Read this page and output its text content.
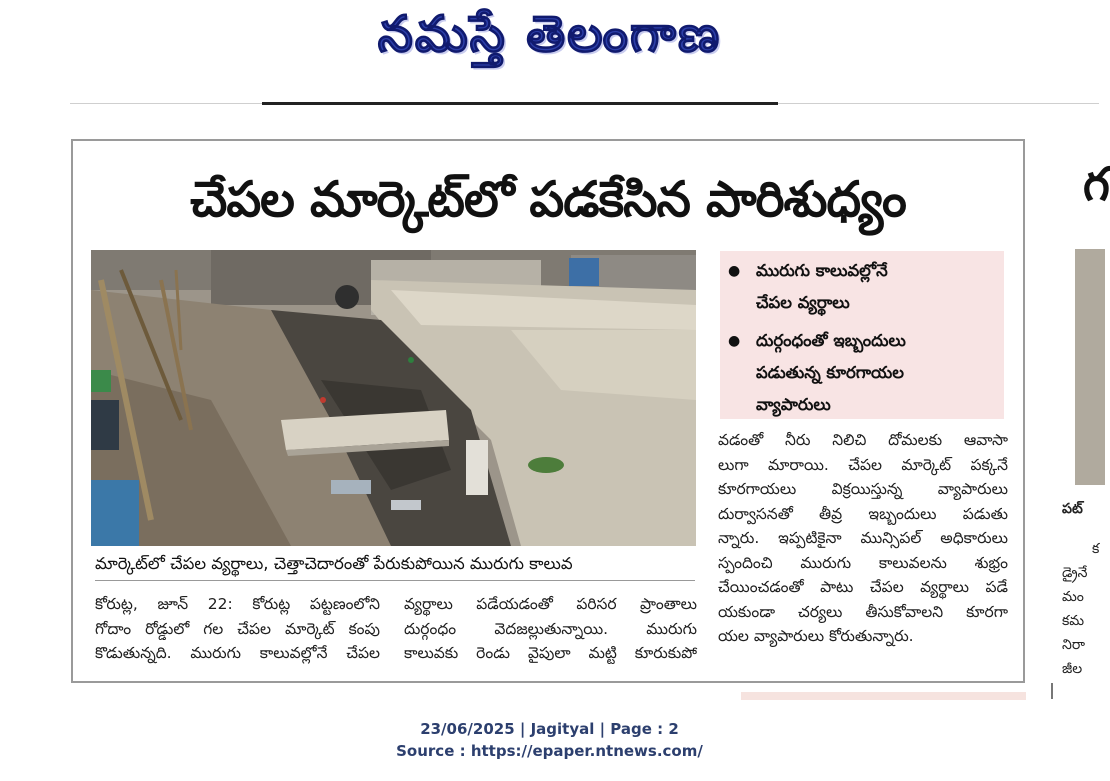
నమస్తే తెలంగాణ
చేపల మార్కెట్‌లో పడకేసిన పారిశుధ్యం
మార్కెట్‌లో చేపల వ్యర్థాలు, చెత్తాచెదారంతో పేరుకుపోయిన మురుగు కాలువ
● మురుగు కాలువల్లోనే
చేపల వ్యర్థాలు
● దుర్గంధంతో ఇబ్బందులు
పడుతున్న కూరగాయల
వ్యాపారులు
కోరుట్ల, జూన్ 22: కోరుట్ల పట్టణంలోని
గోదాం రోడ్డులో గల చేపల మార్కెట్ కంపు
కొడుతున్నది. మురుగు కాలువల్లోనే చేపల
వ్యర్థాలు పడేయడంతో పరిసర ప్రాంతాలు
దుర్గంధం వెదజల్లుతున్నాయి. మురుగు
కాలువకు రెండు వైపులా మట్టి కూరుకుపో
వడంతో నీరు నిలిచి దోమలకు ఆవాసా
లుగా మారాయి. చేపల మార్కెట్ పక్కనే
కూరగాయలు విక్రయిస్తున్న వ్యాపారులు
దుర్వాసనతో తీవ్ర ఇబ్బందులు పడుతు
న్నారు. ఇప్పటికైనా మున్సిపల్ అధికారులు
స్పందించి మురుగు కాలువలను శుభ్రం
చేయించడంతో పాటు చేపల వ్యర్థాలు పడే
యకుండా చర్యలు తీసుకోవాలని కూరగా
యల వ్యాపారులు కోరుతున్నారు.
గ
పట్
క
డ్రైనే
మం
కమ
నిరా
జీల
23/06/2025 | Jagityal | Page : 2
Source : https://epaper.ntnews.com/
